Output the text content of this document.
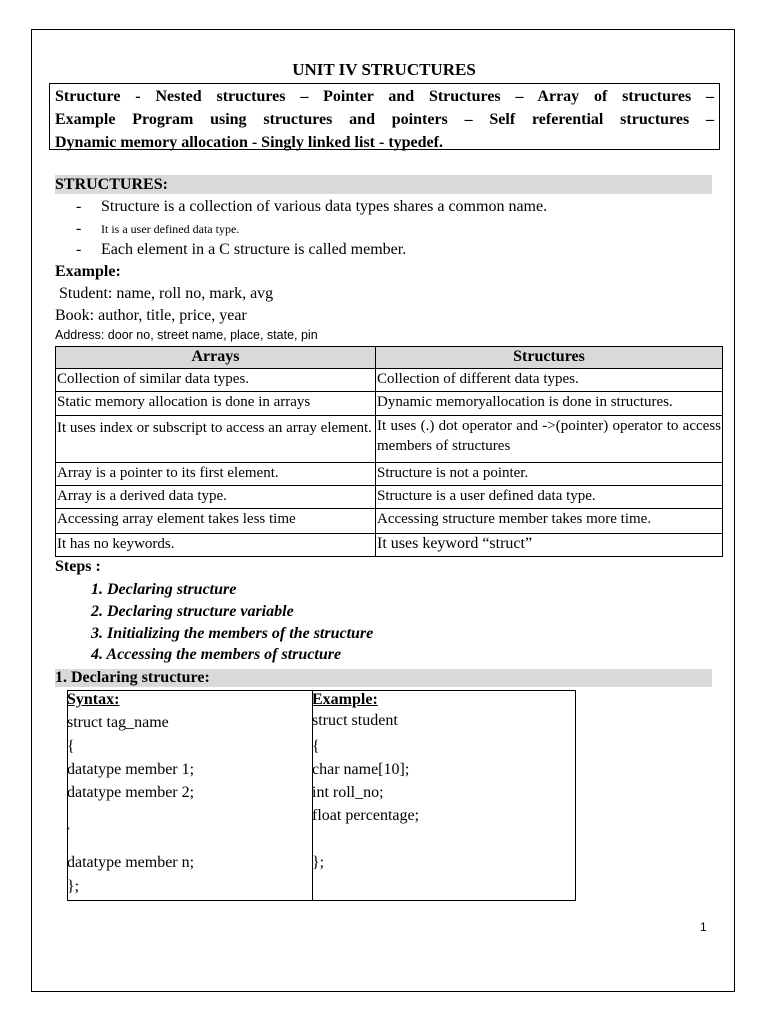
UNIT IV STRUCTURES
Structure - Nested structures – Pointer and Structures – Array of structures –
Example Program using structures and pointers – Self referential structures –
Dynamic memory allocation - Singly linked list - typedef.
STRUCTURES:
- Structure is a collection of various data types shares a common name.
- It is a user defined data type.
- Each element in a C structure is called member.
Example:
Student: name, roll no, mark, avg
Book: author, title, price, year
Address: door no, street name, place, state, pin
Arrays	Structures
Collection of similar data types.	Collection of different data types.
Static memory allocation is done in arrays	Dynamic memoryallocation is done in structures.
It uses index or subscript to access an array element.	It uses (.) dot operator and ->(pointer) operator to access members of structures
Array is a pointer to its first element.	Structure is not a pointer.
Array is a derived data type.	Structure is a user defined data type.
Accessing array element takes less time	Accessing structure member takes more time.
It has no keywords.	It uses keyword “struct”
Steps :
1. Declaring structure
2. Declaring structure variable
3. Initializing the members of the structure
4. Accessing the members of structure
1. Declaring structure:
Syntax:
struct tag_name
{
datatype member 1;
datatype member 2;
‘
datatype member n;
};
Example:
struct student
{
char name[10];
int roll_no;
float percentage;
};
1
